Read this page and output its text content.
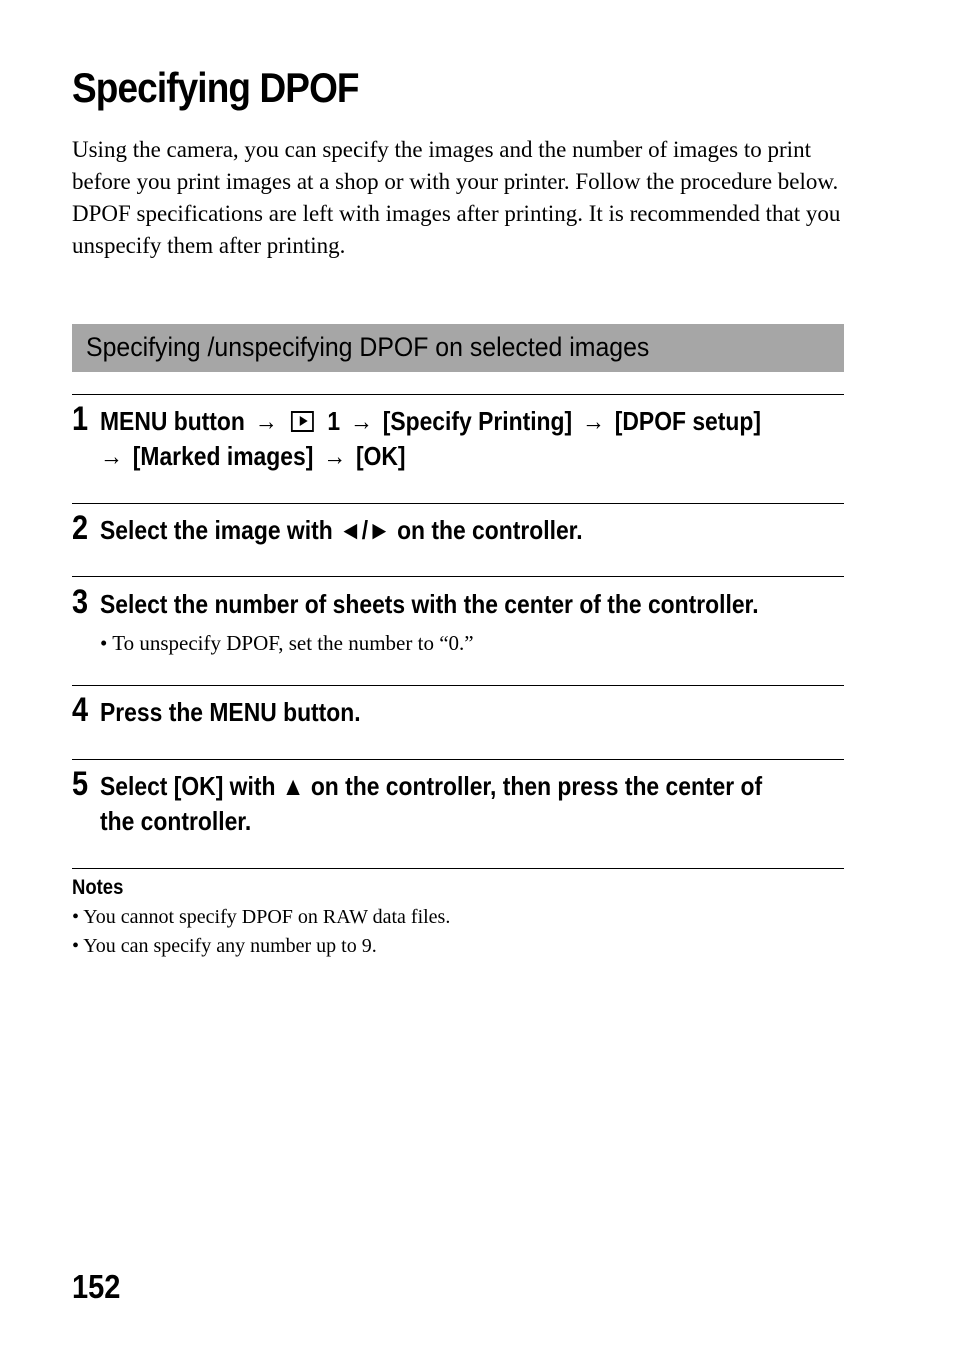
Specifying DPOF

Using the camera, you can specify the images and the number of images to print before you print images at a shop or with your printer. Follow the procedure below.

DPOF specifications are left with images after printing. It is recommended that you unspecify them after printing.

Specifying /unspecifying DPOF on selected images
1 MENU button → 1 → [Specify Printing] → [DPOF setup]
→ [Marked images] → [OK]
2 Select the image with ◄/► on the controller.
3 Select the number of sheets with the center of the controller.
• To unspecify DPOF, set the number to “0.”
4 Press the MENU button.
5 Select [OK] with ▲ on the controller, then press the center of
the controller.
Notes
• You cannot specify DPOF on RAW data files.
• You can specify any number up to 9.
152
